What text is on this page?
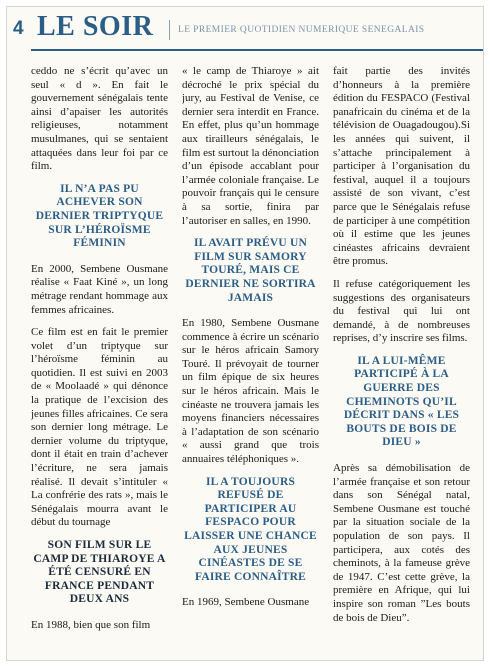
4 LE SOIR	LE PREMIER QUOTIDIEN NUMERIQUE SENEGALAIS

ceddo ne s’écrit qu’avec un seul « d ». En fait le gouvernement sénégalais tente ainsi d’apaiser les autorités religieuses, notamment musulmanes, qui se sentaient attaquées dans leur foi par ce film.

IL N’A PAS PU ACHEVER SON DERNIER TRIPTYQUE SUR L’HÉROÏSME FÉMININ

En 2000, Sembene Ousmane réalise « Faat Kiné », un long métrage rendant hommage aux femmes africaines.

Ce film est en fait le premier volet d’un triptyque sur l’héroïsme féminin au quotidien. Il est suivi en 2003 de « Moolaadé » qui dénonce la pratique de l’excision des jeunes filles africaines. Ce sera son dernier long métrage. Le dernier volume du triptyque, dont il était en train d’achever l’écriture, ne sera jamais réalisé. Il devait s’intituler « La confrérie des rats », mais le Sénégalais mourra avant le début du tournage

SON FILM SUR LE CAMP DE THIAROYE A ÉTÉ CENSURÉ EN FRANCE PENDANT DEUX ANS

En 1988, bien que son film

« le camp de Thiaroye » ait décroché le prix spécial du jury, au Festival de Venise, ce dernier sera interdit en France. En effet, plus qu’un hommage aux tirailleurs sénégalais, le film est surtout la dénonciation d’un épisode accablant pour l’armée coloniale française. Le pouvoir français qui le censure à sa sortie, finira par l’autoriser en salles, en 1990.

IL AVAIT PRÉVU UN FILM SUR SAMORY TOURÉ, MAIS CE DERNIER NE SORTIRA JAMAIS

En 1980, Sembene Ousmane commence à écrire un scénario sur le héros africain Samory Touré. Il prévoyait de tourner un film épique de six heures sur le héros africain. Mais le cinéaste ne trouvera jamais les moyens financiers nécessaires à l’adaptation de son scénario « aussi grand que trois annuaires téléphoniques ».

IL A TOUJOURS REFUSÉ DE PARTICIPER AU FESPACO POUR LAISSER UNE CHANCE AUX JEUNES CINÉASTES DE SE FAIRE CONNAÎTRE

En 1969, Sembene Ousmane

fait partie des invités d’honneurs à la première édition du FESPACO (Festival panafricain du cinéma et de la télévision de Ouagadougou).Si les années qui suivent, il s’attache principalement à participer à l’organisation du festival, auquel il a toujours assisté de son vivant, c’est parce que le Sénégalais refuse de participer à une compétition où il estime que les jeunes cinéastes africains devraient être promus.

Il refuse catégoriquement les suggestions des organisateurs du festival qui lui ont demandé, à de nombreuses reprises, d’y inscrire ses films.

IL A LUI-MÊME PARTICIPÉ À LA GUERRE DES CHEMINOTS QU’IL DÉCRIT DANS « LES BOUTS DE BOIS DE DIEU »

Après sa démobilisation de l’armée française et son retour dans son Sénégal natal, Sembene Ousmane est touché par la situation sociale de la population de son pays. Il participera, aux cotés des cheminots, à la fameuse grève de 1947. C’est cette grève, la première en Afrique, qui lui inspire son roman ”Les bouts de bois de Dieu”.
